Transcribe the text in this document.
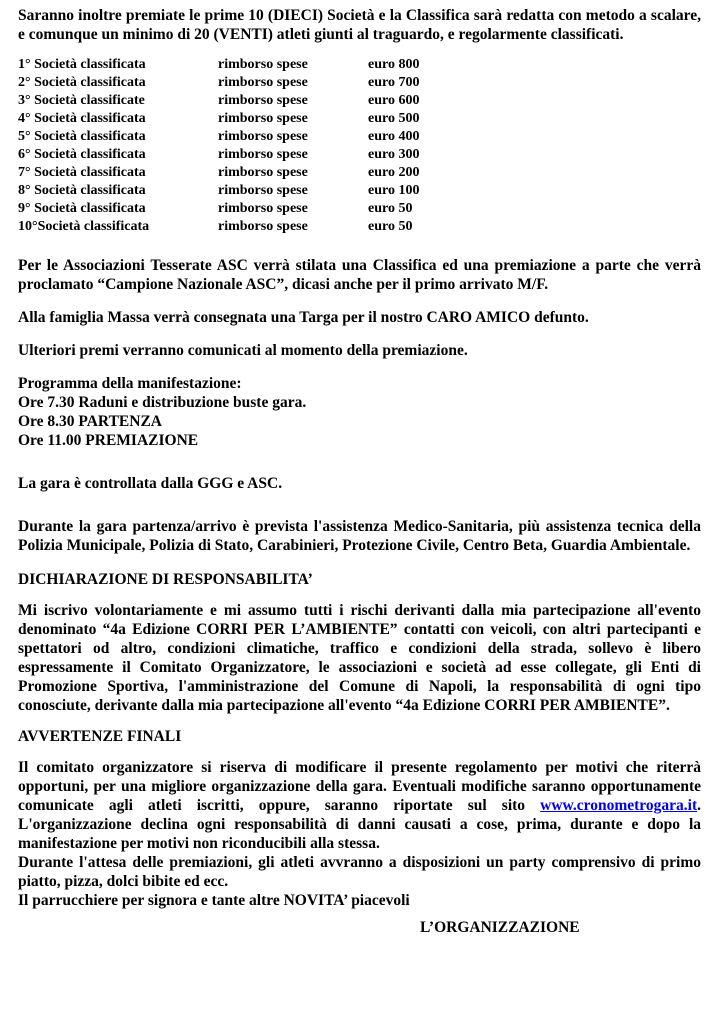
Saranno inoltre premiate le prime 10 (DIECI) Società e la Classifica sarà redatta con metodo a scalare, e comunque un minimo di 20 (VENTI) atleti giunti al traguardo, e regolarmente classificati.

1° Società classificata	rimborso spese	euro 800
2° Società classificata	rimborso spese	euro 700
3° Società classificate	rimborso spese	euro 600
4° Società classificata	rimborso spese	euro 500
5° Società classificata	rimborso spese	euro 400
6° Società classificata	rimborso spese	euro 300
7° Società classificata	rimborso spese	euro 200
8° Società classificata	rimborso spese	euro 100
9° Società classificata	rimborso spese	euro 50
10°Società classificata	rimborso spese	euro 50

Per le Associazioni Tesserate ASC verrà stilata una Classifica ed una premiazione a parte che verrà proclamato “Campione Nazionale ASC”, dicasi anche per il primo arrivato M/F.

Alla famiglia Massa verrà consegnata una Targa per il nostro CARO AMICO defunto.

Ulteriori premi verranno comunicati al momento della premiazione.

Programma della manifestazione:

Ore 7.30 Raduni e distribuzione buste gara.

Ore 8.30 PARTENZA

Ore 11.00 PREMIAZIONE

La gara è controllata dalla GGG e ASC.

Durante la gara partenza/arrivo è prevista l'assistenza Medico-Sanitaria, più assistenza tecnica della Polizia Municipale, Polizia di Stato, Carabinieri, Protezione Civile, Centro Beta, Guardia Ambientale.

DICHIARAZIONE DI RESPONSABILITA’

Mi iscrivo volontariamente e mi assumo tutti i rischi derivanti dalla mia partecipazione all'evento denominato “4a Edizione CORRI PER L’AMBIENTE” contatti con veicoli, con altri partecipanti e spettatori od altro, condizioni climatiche, traffico e condizioni della strada, sollevo è libero espressamente il Comitato Organizzatore, le associazioni e società ad esse collegate, gli Enti di Promozione Sportiva, l'amministrazione del Comune di Napoli, la responsabilità di ogni tipo conosciute, derivante dalla mia partecipazione all'evento “4a Edizione CORRI PER AMBIENTE”.

AVVERTENZE FINALI

Il comitato organizzatore si riserva di modificare il presente regolamento per motivi che riterrà opportuni, per una migliore organizzazione della gara. Eventuali modifiche saranno opportunamente comunicate agli atleti iscritti, oppure, saranno riportate sul sito www.cronometrogara.it. L'organizzazione declina ogni responsabilità di danni causati a cose, prima, durante e dopo la manifestazione per motivi non riconducibili alla stessa.

Durante l'attesa delle premiazioni, gli atleti avvranno a disposizioni un party comprensivo di primo piatto, pizza, dolci bibite ed ecc.

Il parrucchiere per signora e tante altre NOVITA’ piacevoli

L’ORGANIZZAZIONE
